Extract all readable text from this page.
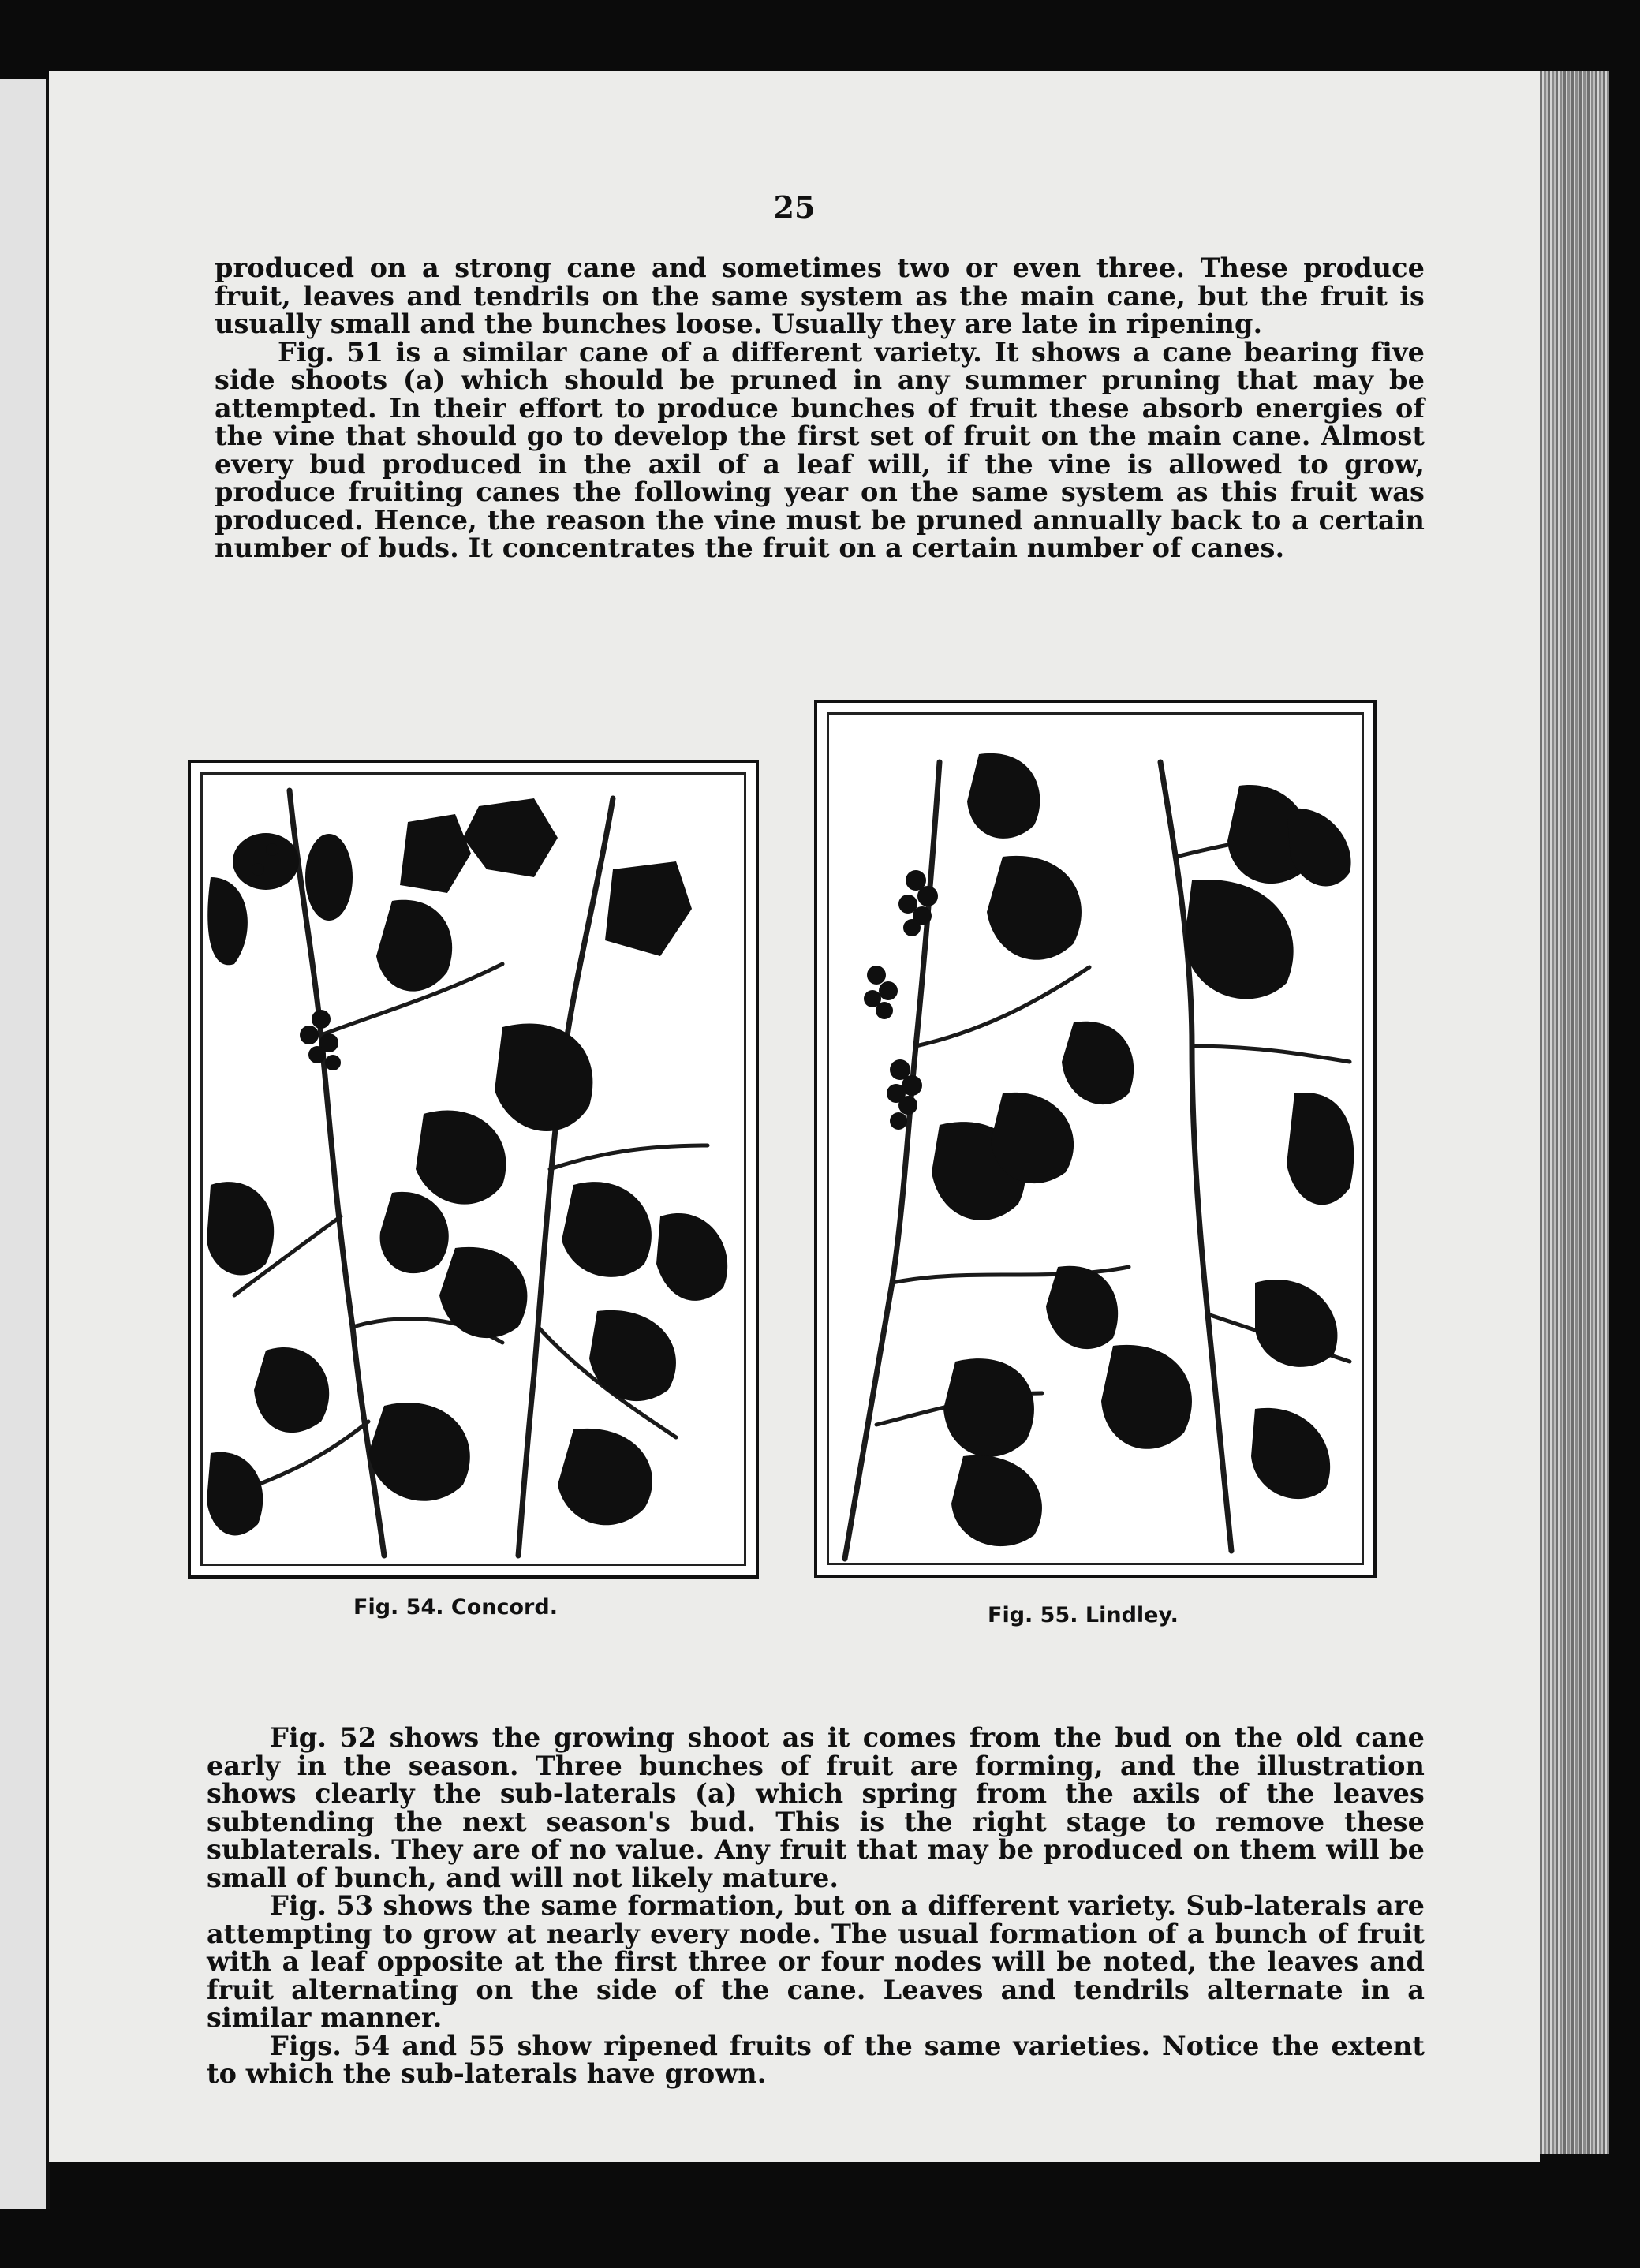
25

produced on a strong cane and sometimes two or even three. These produce fruit, leaves and tendrils on the same system as the main cane, but the fruit is usually small and the bunches loose. Usually they are late in ripening.

Fig. 51 is a similar cane of a different variety. It shows a cane bearing five side shoots (a) which should be pruned in any summer pruning that may be attempted. In their effort to produce bunches of fruit these absorb energies of the vine that should go to develop the first set of fruit on the main cane. Almost every bud produced in the axil of a leaf will, if the vine is allowed to grow, produce fruiting canes the following year on the same system as this fruit was produced. Hence, the reason the vine must be pruned annually back to a certain number of buds. It concentrates the fruit on a certain number of canes.

Fig. 54. Concord.	Fig. 55. Lindley.

Fig. 52 shows the growing shoot as it comes from the bud on the old cane early in the season. Three bunches of fruit are forming, and the illustration shows clearly the sub-laterals (a) which spring from the axils of the leaves subtending the next season's bud. This is the right stage to remove these sublaterals. They are of no value. Any fruit that may be produced on them will be small of bunch, and will not likely mature.

Fig. 53 shows the same formation, but on a different variety. Sub-laterals are attempting to grow at nearly every node. The usual formation of a bunch of fruit with a leaf opposite at the first three or four nodes will be noted, the leaves and fruit alternating on the side of the cane. Leaves and tendrils alternate in a similar manner.

Figs. 54 and 55 show ripened fruits of the same varieties. Notice the extent to which the sub-laterals have grown.
